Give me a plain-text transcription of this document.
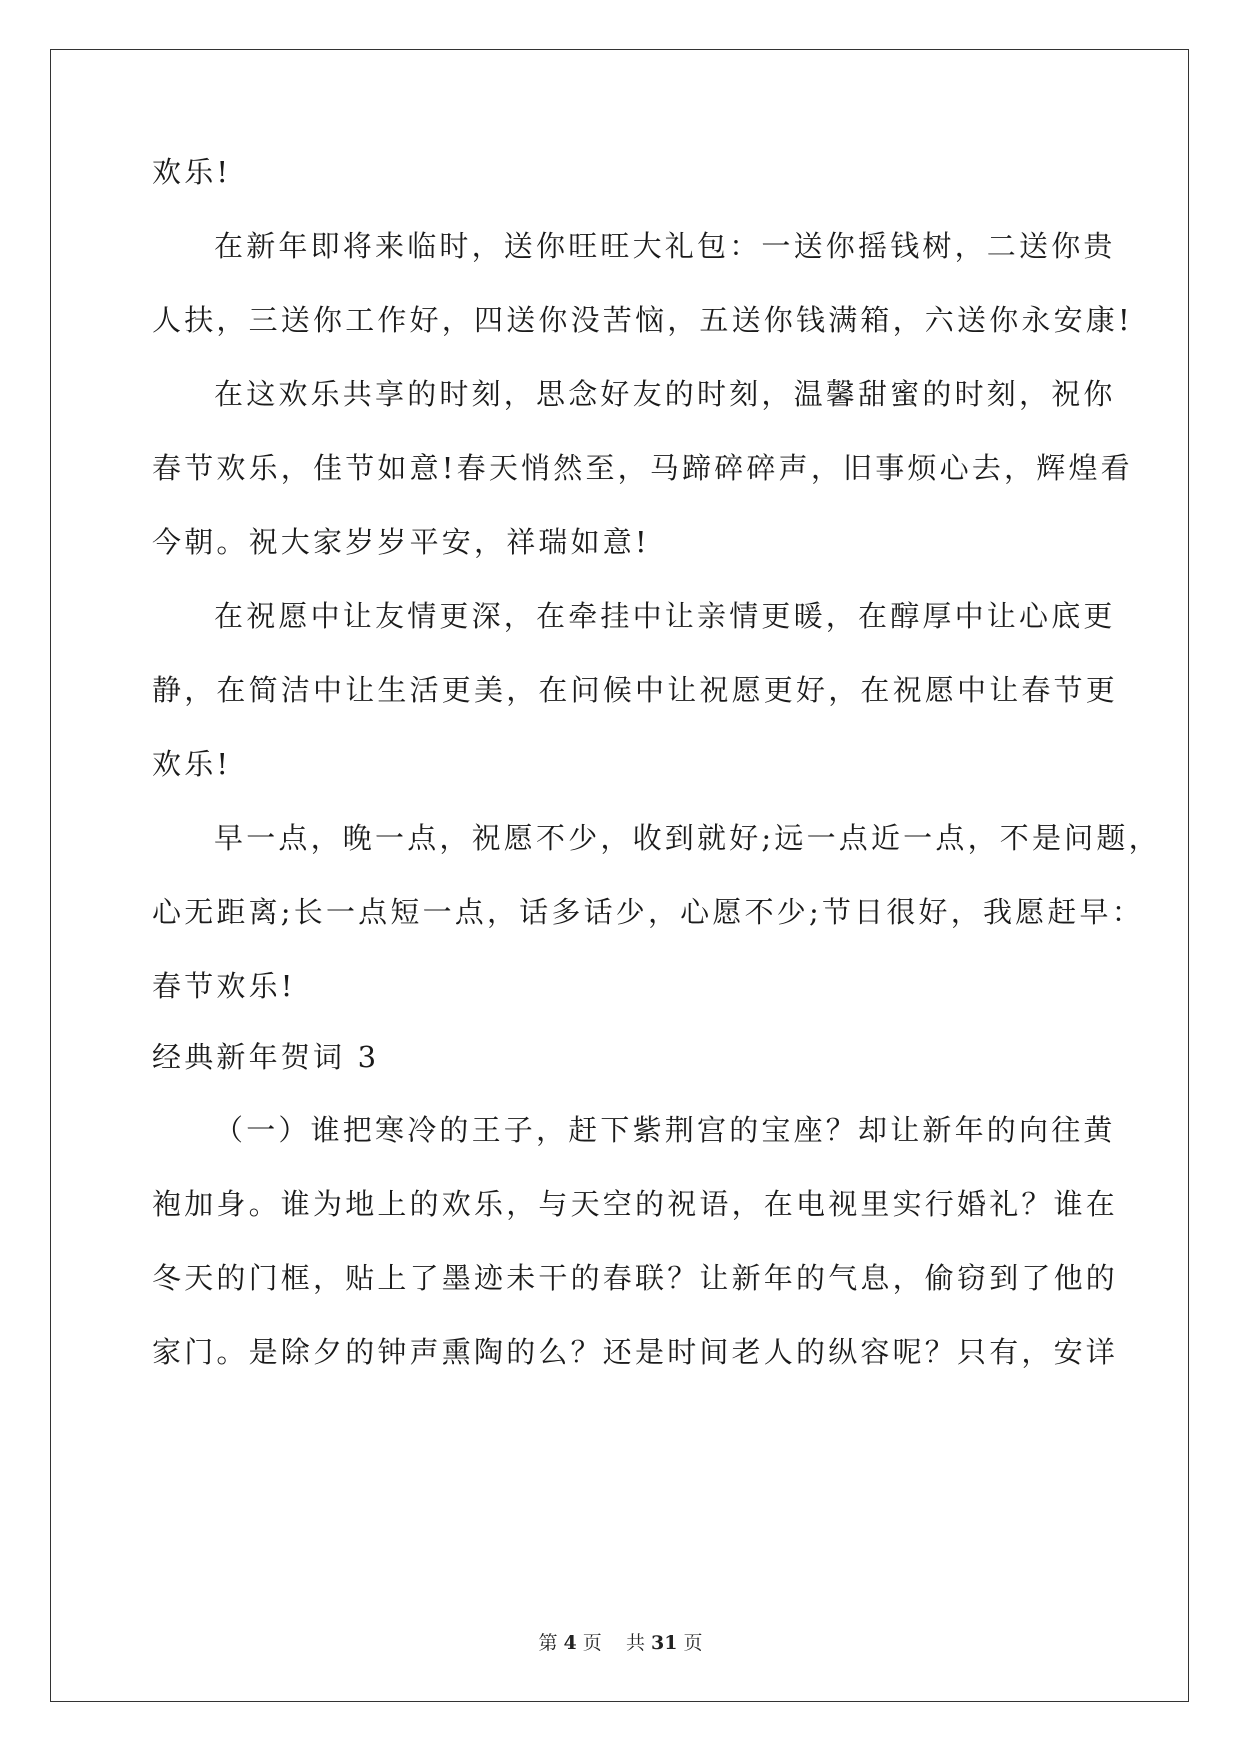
欢乐!
在新年即将来临时，送你旺旺大礼包：一送你摇钱树，二送你贵
人扶，三送你工作好，四送你没苦恼，五送你钱满箱，六送你永安康!
在这欢乐共享的时刻，思念好友的时刻，温馨甜蜜的时刻，祝你
春节欢乐，佳节如意!春天悄然至，马蹄碎碎声，旧事烦心去，辉煌看
今朝。祝大家岁岁平安，祥瑞如意!
在祝愿中让友情更深，在牵挂中让亲情更暖，在醇厚中让心底更
静，在简洁中让生活更美，在问候中让祝愿更好，在祝愿中让春节更
欢乐!
早一点，晚一点，祝愿不少，收到就好;远一点近一点，不是问题，
心无距离;长一点短一点，话多话少，心愿不少;节日很好，我愿赶早：
春节欢乐!
经典新年贺词 3
（一）谁把寒冷的王子，赶下紫荆宫的宝座？却让新年的向往黄
袍加身。谁为地上的欢乐，与天空的祝语，在电视里实行婚礼？谁在
冬天的门框，贴上了墨迹未干的春联？让新年的气息，偷窃到了他的
家门。是除夕的钟声熏陶的么？还是时间老人的纵容呢？只有，安详
第 4 页 共 31 页
